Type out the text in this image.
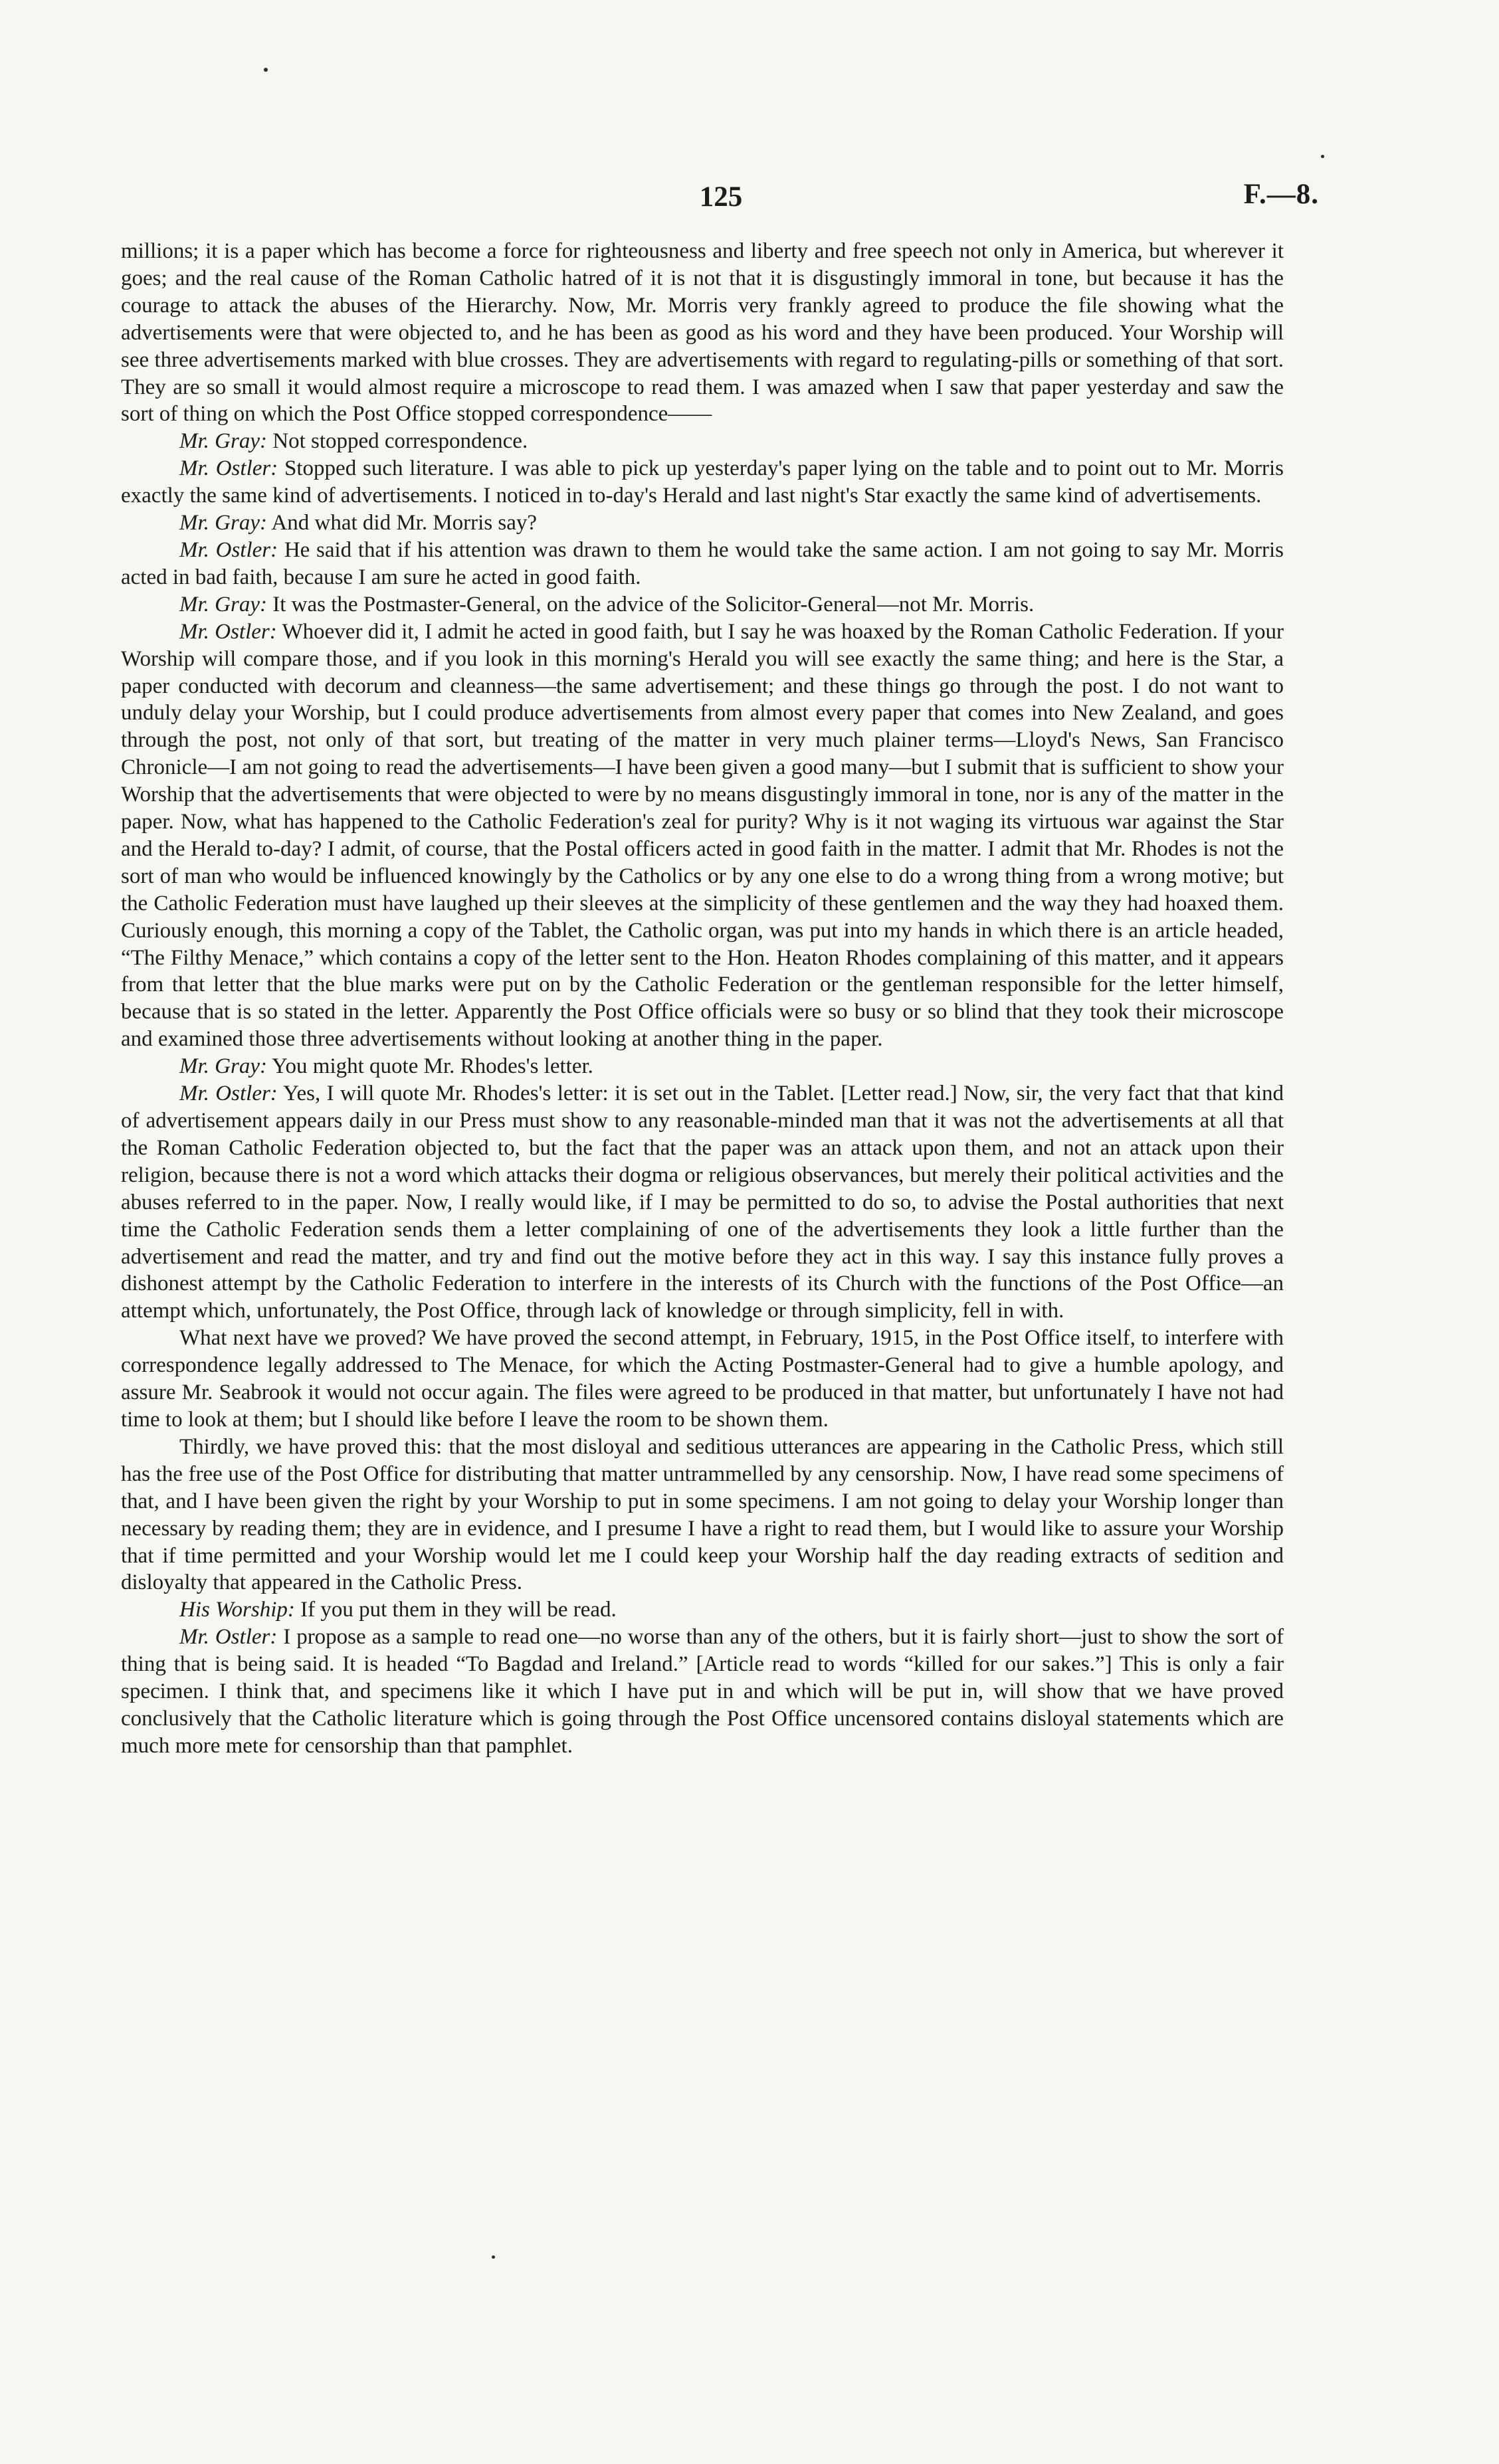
125	F.—8.

millions; it is a paper which has become a force for righteousness and liberty and free speech not only in America, but wherever it goes; and the real cause of the Roman Catholic hatred of it is not that it is disgustingly immoral in tone, but because it has the courage to attack the abuses of the Hierarchy. Now, Mr. Morris very frankly agreed to produce the file showing what the advertisements were that were objected to, and he has been as good as his word and they have been produced. Your Worship will see three advertisements marked with blue crosses. They are advertisements with regard to regulating-pills or something of that sort. They are so small it would almost require a microscope to read them. I was amazed when I saw that paper yesterday and saw the sort of thing on which the Post Office stopped correspondence——

Mr. Gray: Not stopped correspondence.

Mr. Ostler: Stopped such literature. I was able to pick up yesterday's paper lying on the table and to point out to Mr. Morris exactly the same kind of advertisements. I noticed in to-day's Herald and last night's Star exactly the same kind of advertisements.

Mr. Gray: And what did Mr. Morris say?

Mr. Ostler: He said that if his attention was drawn to them he would take the same action. I am not going to say Mr. Morris acted in bad faith, because I am sure he acted in good faith.

Mr. Gray: It was the Postmaster-General, on the advice of the Solicitor-General—not Mr. Morris.

Mr. Ostler: Whoever did it, I admit he acted in good faith, but I say he was hoaxed by the Roman Catholic Federation. If your Worship will compare those, and if you look in this morning's Herald you will see exactly the same thing; and here is the Star, a paper conducted with decorum and cleanness—the same advertisement; and these things go through the post. I do not want to unduly delay your Worship, but I could produce advertisements from almost every paper that comes into New Zealand, and goes through the post, not only of that sort, but treating of the matter in very much plainer terms—Lloyd's News, San Francisco Chronicle—I am not going to read the advertisements—I have been given a good many—but I submit that is sufficient to show your Worship that the advertisements that were objected to were by no means disgustingly immoral in tone, nor is any of the matter in the paper. Now, what has happened to the Catholic Federation's zeal for purity? Why is it not waging its virtuous war against the Star and the Herald to-day? I admit, of course, that the Postal officers acted in good faith in the matter. I admit that Mr. Rhodes is not the sort of man who would be influenced knowingly by the Catholics or by any one else to do a wrong thing from a wrong motive; but the Catholic Federation must have laughed up their sleeves at the simplicity of these gentlemen and the way they had hoaxed them. Curiously enough, this morning a copy of the Tablet, the Catholic organ, was put into my hands in which there is an article headed, “The Filthy Menace,” which contains a copy of the letter sent to the Hon. Heaton Rhodes complaining of this matter, and it appears from that letter that the blue marks were put on by the Catholic Federation or the gentleman responsible for the letter himself, because that is so stated in the letter. Apparently the Post Office officials were so busy or so blind that they took their microscope and examined those three advertisements without looking at another thing in the paper.

Mr. Gray: You might quote Mr. Rhodes's letter.

Mr. Ostler: Yes, I will quote Mr. Rhodes's letter: it is set out in the Tablet. [Letter read.] Now, sir, the very fact that that kind of advertisement appears daily in our Press must show to any reasonable-minded man that it was not the advertisements at all that the Roman Catholic Federation objected to, but the fact that the paper was an attack upon them, and not an attack upon their religion, because there is not a word which attacks their dogma or religious observances, but merely their political activities and the abuses referred to in the paper. Now, I really would like, if I may be permitted to do so, to advise the Postal authorities that next time the Catholic Federation sends them a letter complaining of one of the advertisements they look a little further than the advertisement and read the matter, and try and find out the motive before they act in this way. I say this instance fully proves a dishonest attempt by the Catholic Federation to interfere in the interests of its Church with the functions of the Post Office—an attempt which, unfortunately, the Post Office, through lack of knowledge or through simplicity, fell in with.

What next have we proved? We have proved the second attempt, in February, 1915, in the Post Office itself, to interfere with correspondence legally addressed to The Menace, for which the Acting Postmaster-General had to give a humble apology, and assure Mr. Seabrook it would not occur again. The files were agreed to be produced in that matter, but unfortunately I have not had time to look at them; but I should like before I leave the room to be shown them.

Thirdly, we have proved this: that the most disloyal and seditious utterances are appearing in the Catholic Press, which still has the free use of the Post Office for distributing that matter untrammelled by any censorship. Now, I have read some specimens of that, and I have been given the right by your Worship to put in some specimens. I am not going to delay your Worship longer than necessary by reading them; they are in evidence, and I presume I have a right to read them, but I would like to assure your Worship that if time permitted and your Worship would let me I could keep your Worship half the day reading extracts of sedition and disloyalty that appeared in the Catholic Press.

His Worship: If you put them in they will be read.

Mr. Ostler: I propose as a sample to read one—no worse than any of the others, but it is fairly short—just to show the sort of thing that is being said. It is headed “To Bagdad and Ireland.” [Article read to words “killed for our sakes.”] This is only a fair specimen. I think that, and specimens like it which I have put in and which will be put in, will show that we have proved conclusively that the Catholic literature which is going through the Post Office uncensored contains disloyal statements which are much more mete for censorship than that pamphlet.
